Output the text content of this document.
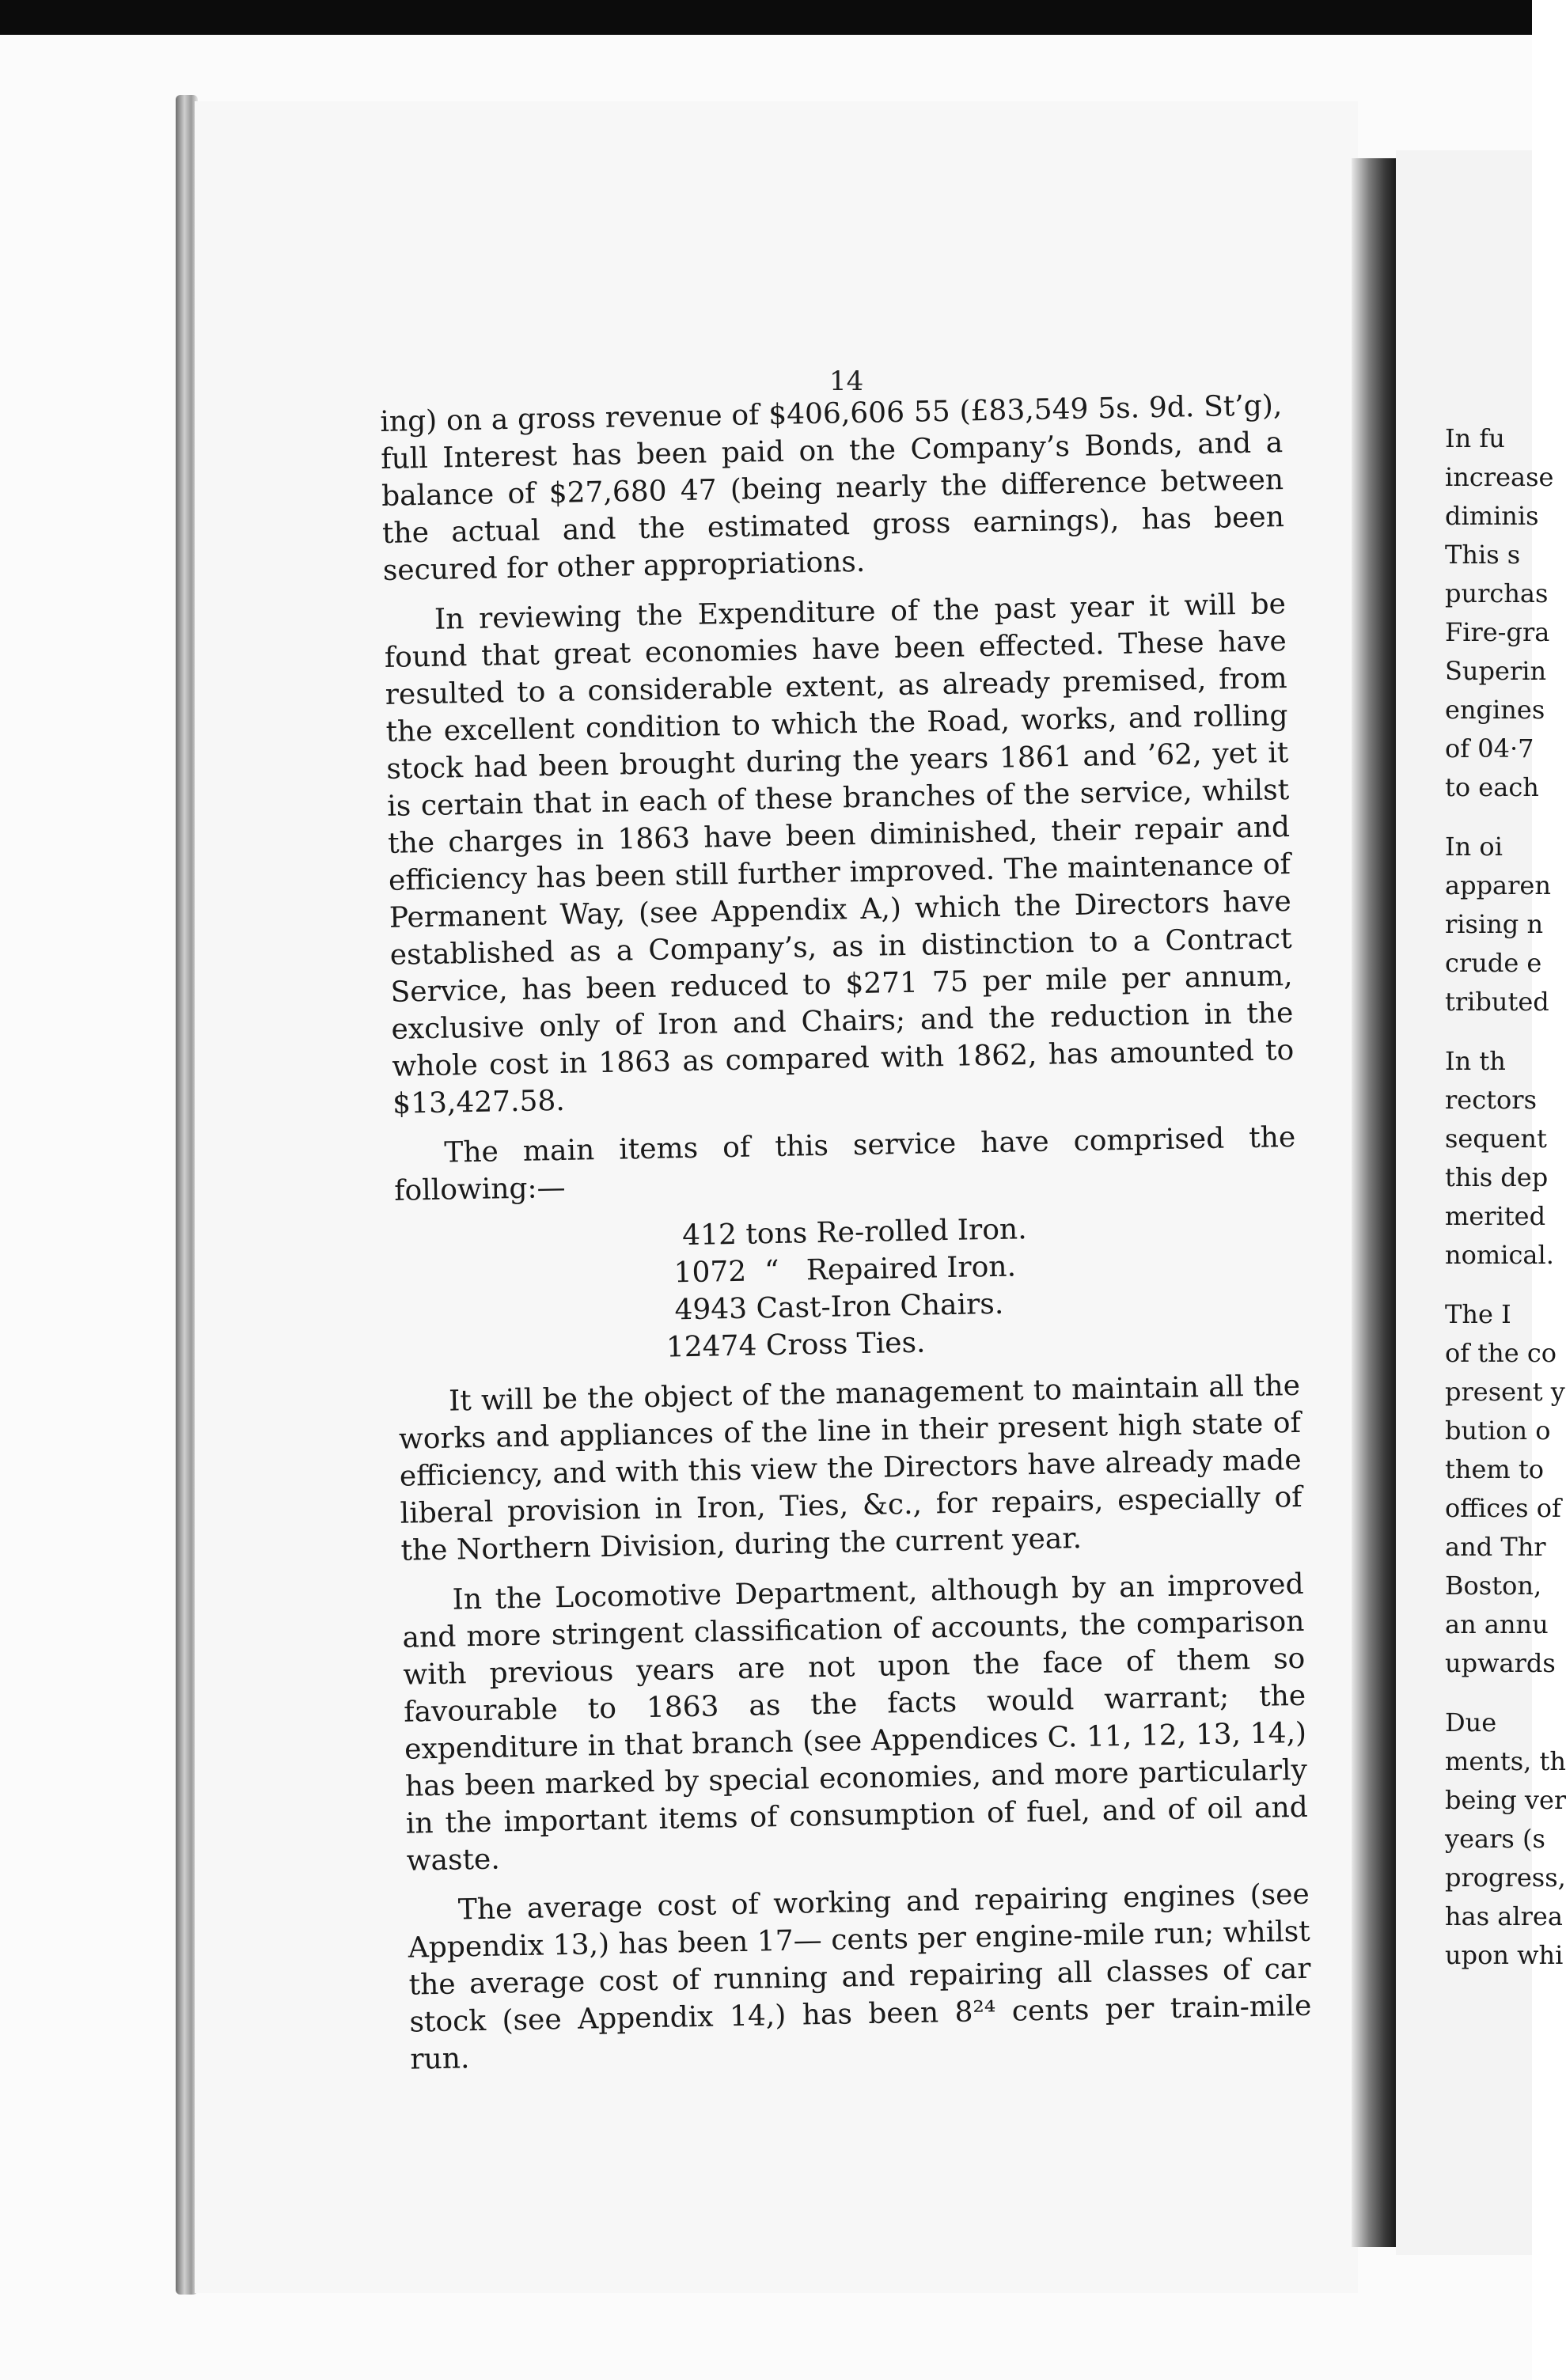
14

ing) on a gross revenue of $406,606 55 (£83,549 5s. 9d. St’g), full Interest has been paid on the Company’s Bonds, and a balance of $27,680 47 (being nearly the difference between the actual and the estimated gross earnings), has been secured for other appropriations.

In reviewing the Expenditure of the past year it will be found that great economies have been effected. These have resulted to a considerable extent, as already premised, from the excellent condition to which the Road, works, and rolling stock had been brought during the years 1861 and ’62, yet it is certain that in each of these branches of the service, whilst the charges in 1863 have been diminished, their repair and efficiency has been still further improved. The maintenance of Permanent Way, (see Appendix A,) which the Directors have established as a Company’s, as in distinction to a Contract Service, has been reduced to $271 75 per mile per annum, exclusive only of Iron and Chairs; and the reduction in the whole cost in 1863 as compared with 1862, has amounted to $13,427.58.

The main items of this service have comprised the following:—

412 tons Re-rolled Iron.
1072  “   Repaired Iron.
4943 Cast-Iron Chairs.
12474 Cross Ties.

It will be the object of the management to maintain all the works and appliances of the line in their present high state of efficiency, and with this view the Directors have already made liberal provision in Iron, Ties, &c., for repairs, especially of the Northern Division, during the current year.

In the Locomotive Department, although by an improved and more stringent classification of accounts, the comparison with previous years are not upon the face of them so favourable to 1863 as the facts would warrant; the expenditure in that branch (see Appendices C. 11, 12, 13, 14,) has been marked by special economies, and more particularly in the important items of consumption of fuel, and of oil and waste.

The average cost of working and repairing engines (see Appendix 13,) has been 17— cents per engine-mile run; whilst the average cost of running and repairing all classes of car stock (see Appendix 14,) has been 8²⁴ cents per train-mile run.

In fu
increase
diminis
This s
purchas
Fire-gra
Superin
engines
of 04·7
to each
In oi
apparen
rising n
crude e
tributed
In th
rectors
sequent
this dep
merited
nomical.
The I
of the co
present y
bution o
them to
offices of
and Thr
Boston,
an annu
upwards
Due
ments, th
being ver
years (s
progress,
has alrea
upon whi
